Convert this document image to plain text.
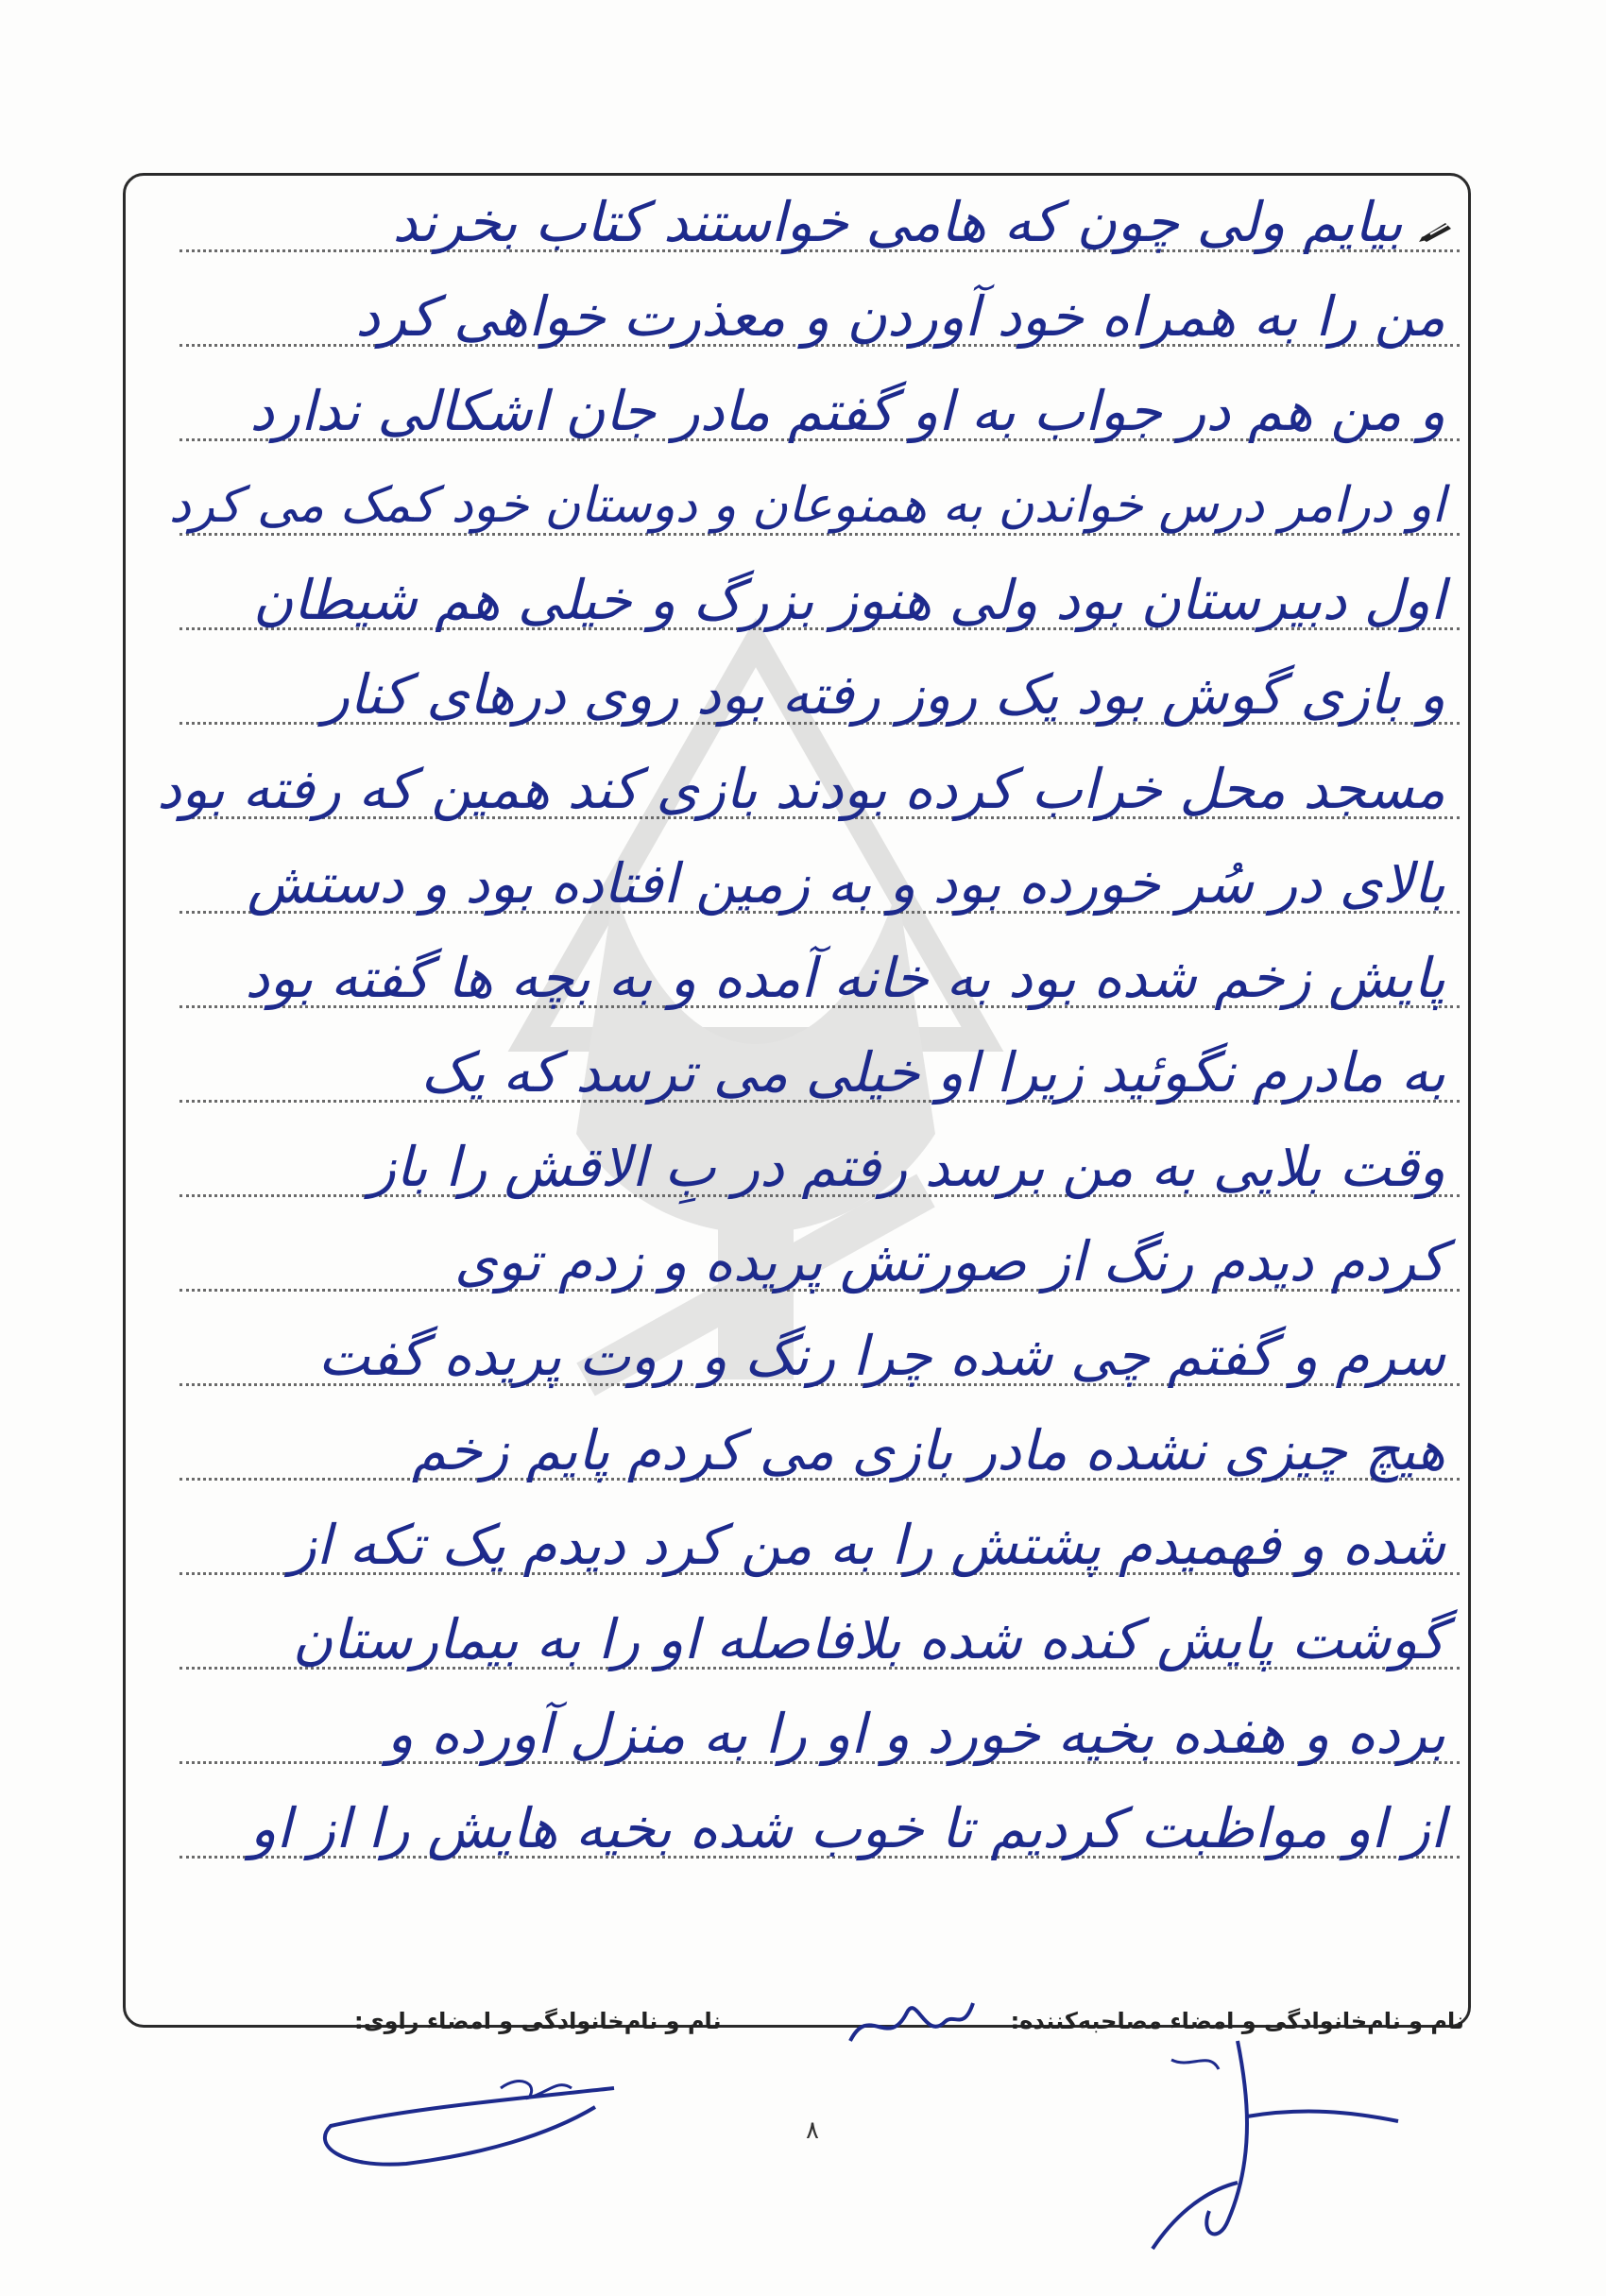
بیایم ولی چون که هامی خواستند کتاب بخرند
من را به همراه خود آوردن و معذرت خواهی کرد
و من هم در جواب به او گفتم مادر جان اشکالی ندارد
او درامر درس خواندن به همنوعان و دوستان خود کمک می کرد
اول دبیرستان بود ولی هنوز بزرگ و خیلی هم شیطان
و بازی گوش بود یک روز رفته بود روی درهای کنار
مسجد محل خراب کرده بودند بازی کند همین که رفته بود
بالای در سُر خورده بود و به زمین افتاده بود و دستش
پایش زخم شده بود به خانه آمده و به بچه ها گفته بود
به مادرم نگوئید زیرا او خیلی می ترسد که یک
وقت بلایی به من برسد رفتم در بِ الاقش را باز
کردم دیدم رنگ از صورتش پریده و زدم توی
سرم و گفتم چی شده چرا رنگ و روت پریده گفت
هیچ چیزی نشده مادر بازی می کردم پایم زخم
شده و فهمیدم پشتش را به من کرد دیدم یک تکه از
گوشت پایش کنده شده بلافاصله او را به بیمارستان
برده و هفده بخیه خورد و او را به منزل آورده و
از او مواظبت کردیم تا خوب شده بخیه هایش را از او
نام و نام‌خانوادگی و امضاء مصاحبه‌کننده:
نام و نام‌خانوادگی و امضاء راوی:
۸
